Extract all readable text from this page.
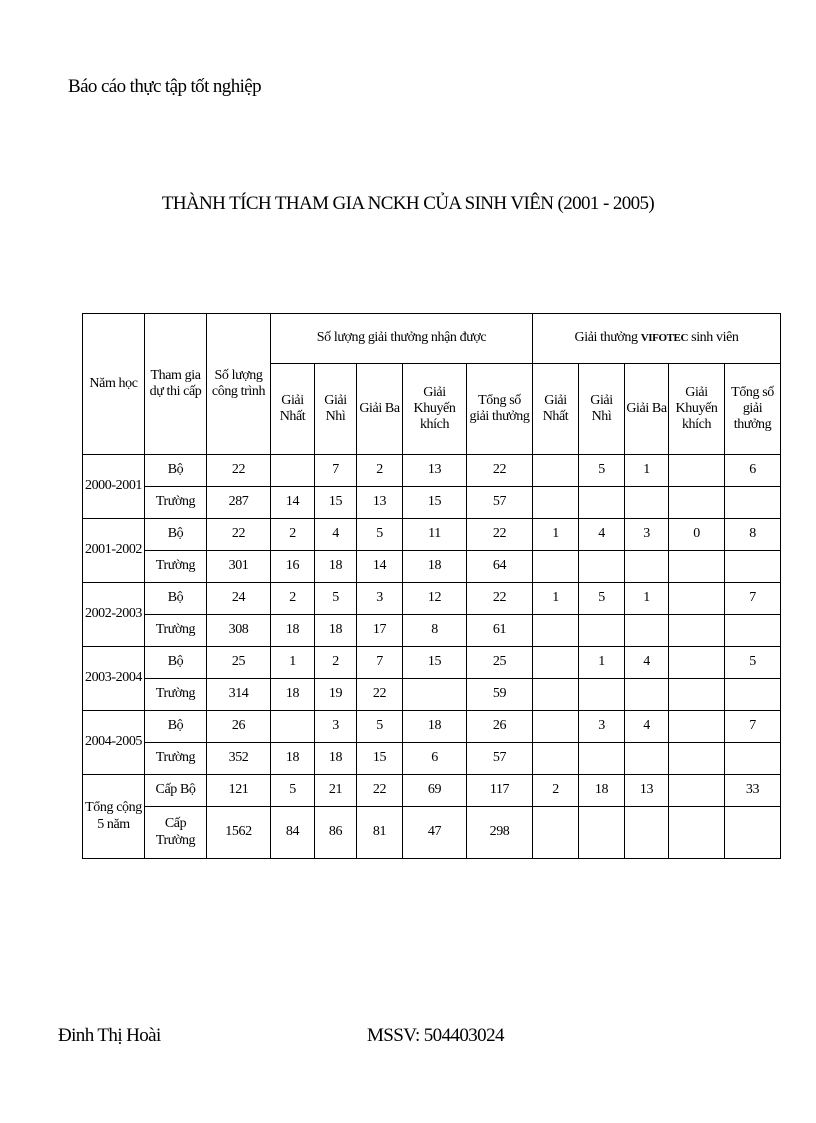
Báo cáo thực tập tốt nghiệp
THÀNH TÍCH THAM GIA NCKH CỦA SINH VIÊN (2001 - 2005)
Năm học	Tham gia dự thi cấp	Số lượng công trình	Số lượng giải thưởng nhận được					Giải thưởng VIFOTEC sinh viên				
			Giải Nhất	Giải Nhì	Giải Ba	Giải Khuyến khích	Tổng số giải thưởng	Giải Nhất	Giải Nhì	Giải Ba	Giải Khuyến khích	Tổng số giải thưởng
2000-2001	Bộ	22		7	2	13	22		5	1		6
	Trường	287	14	15	13	15	57					
2001-2002	Bộ	22	2	4	5	11	22	1	4	3	0	8
	Trường	301	16	18	14	18	64					
2002-2003	Bộ	24	2	5	3	12	22	1	5	1		7
	Trường	308	18	18	17	8	61					
2003-2004	Bộ	25	1	2	7	15	25		1	4		5
	Trường	314	18	19	22		59					
2004-2005	Bộ	26		3	5	18	26		3	4		7
	Trường	352	18	18	15	6	57					
Tổng cộng 5 năm	Cấp Bộ	121	5	21	22	69	117	2	18	13		33
	Cấp Trường	1562	84	86	81	47	298					
Đinh Thị Hoài	MSSV: 504403024
